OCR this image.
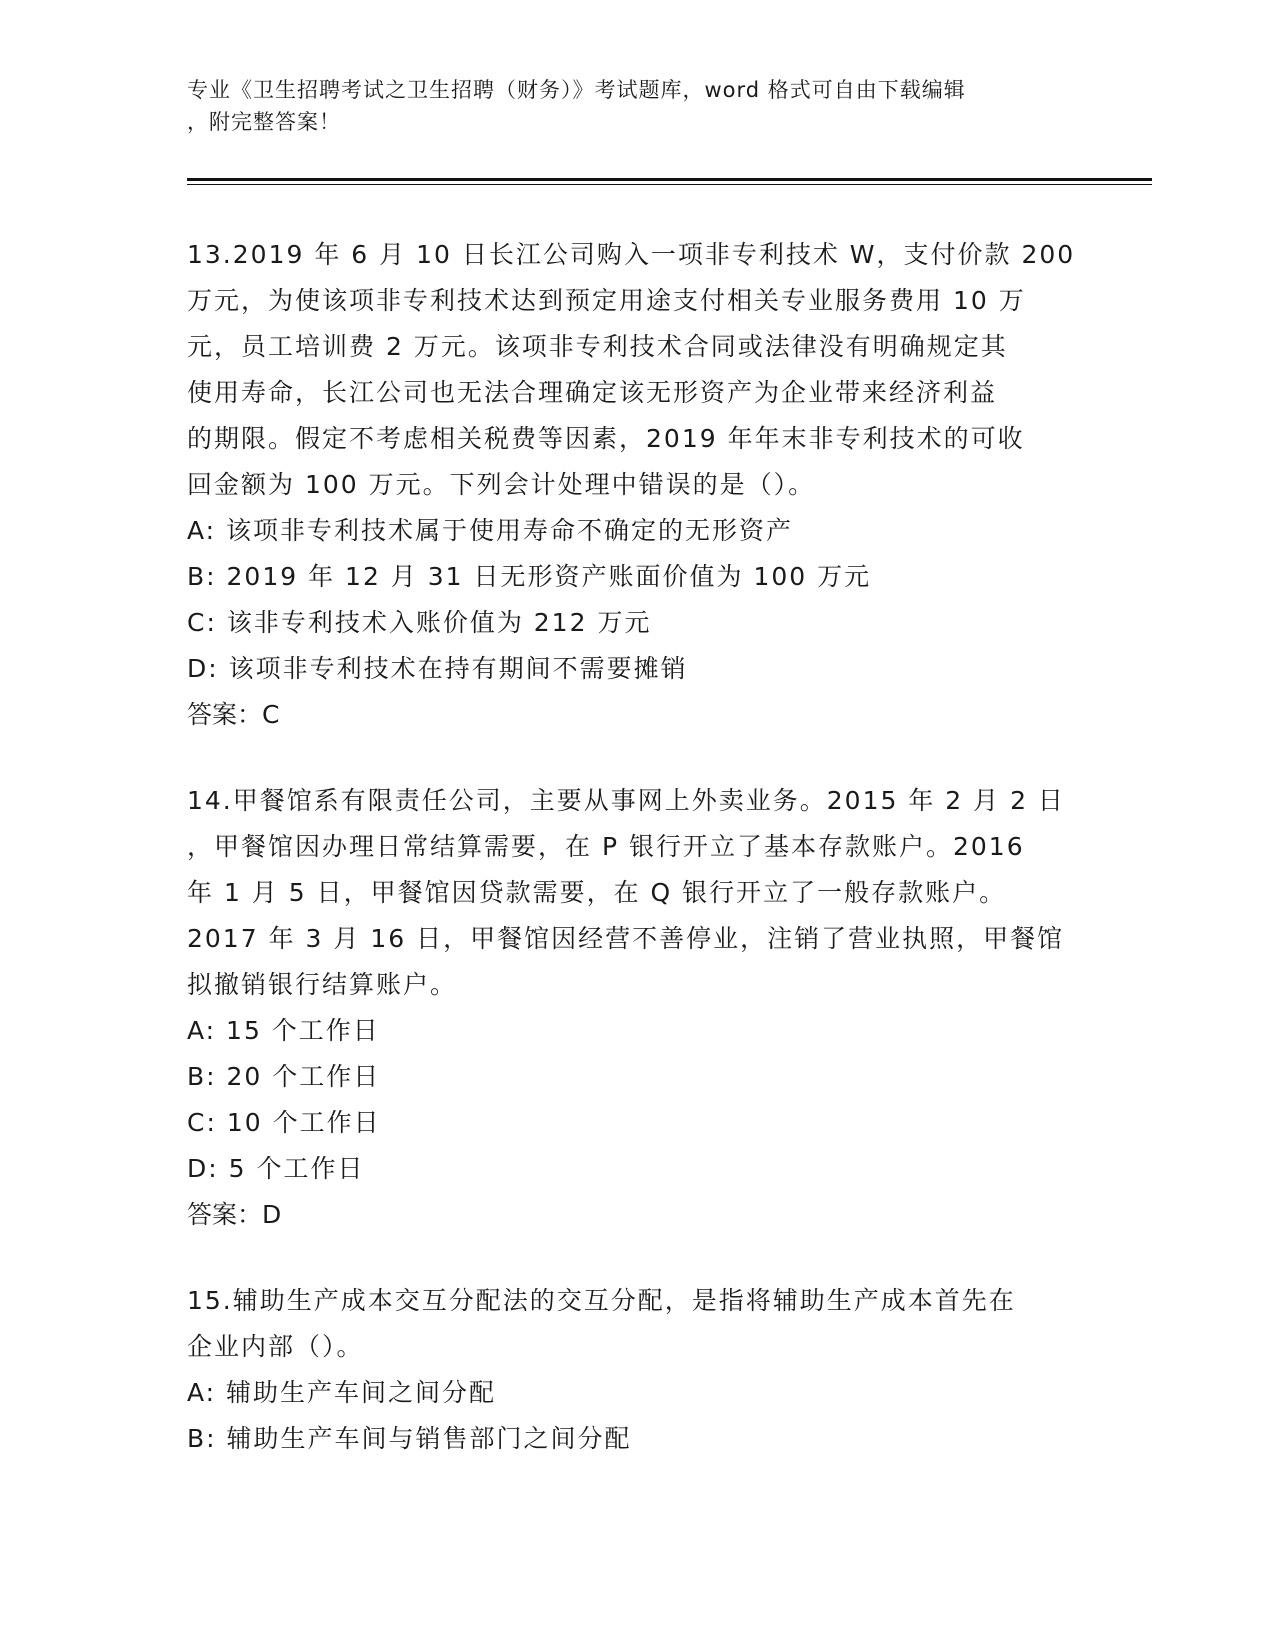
专业《卫生招聘考试之卫生招聘（财务）》考试题库，word 格式可自由下载编辑

，附完整答案！

13.2019 年 6 月 10 日长江公司购入一项非专利技术 W，支付价款 200

万元，为使该项非专利技术达到预定用途支付相关专业服务费用 10 万

元，员工培训费 2 万元。该项非专利技术合同或法律没有明确规定其

使用寿命，长江公司也无法合理确定该无形资产为企业带来经济利益

的期限。假定不考虑相关税费等因素，2019 年年末非专利技术的可收

回金额为 100 万元。下列会计处理中错误的是（）。

A: 该项非专利技术属于使用寿命不确定的无形资产

B: 2019 年 12 月 31 日无形资产账面价值为 100 万元

C: 该非专利技术入账价值为 212 万元

D: 该项非专利技术在持有期间不需要摊销

答案：C

14.甲餐馆系有限责任公司，主要从事网上外卖业务。2015 年 2 月 2 日

，甲餐馆因办理日常结算需要，在 P 银行开立了基本存款账户。2016

年 1 月 5 日，甲餐馆因贷款需要，在 Q 银行开立了一般存款账户。

2017 年 3 月 16 日，甲餐馆因经营不善停业，注销了营业执照，甲餐馆

拟撤销银行结算账户。

A: 15 个工作日

B: 20 个工作日

C: 10 个工作日

D: 5 个工作日

答案：D

15.辅助生产成本交互分配法的交互分配，是指将辅助生产成本首先在

企业内部（）。

A: 辅助生产车间之间分配

B: 辅助生产车间与销售部门之间分配
